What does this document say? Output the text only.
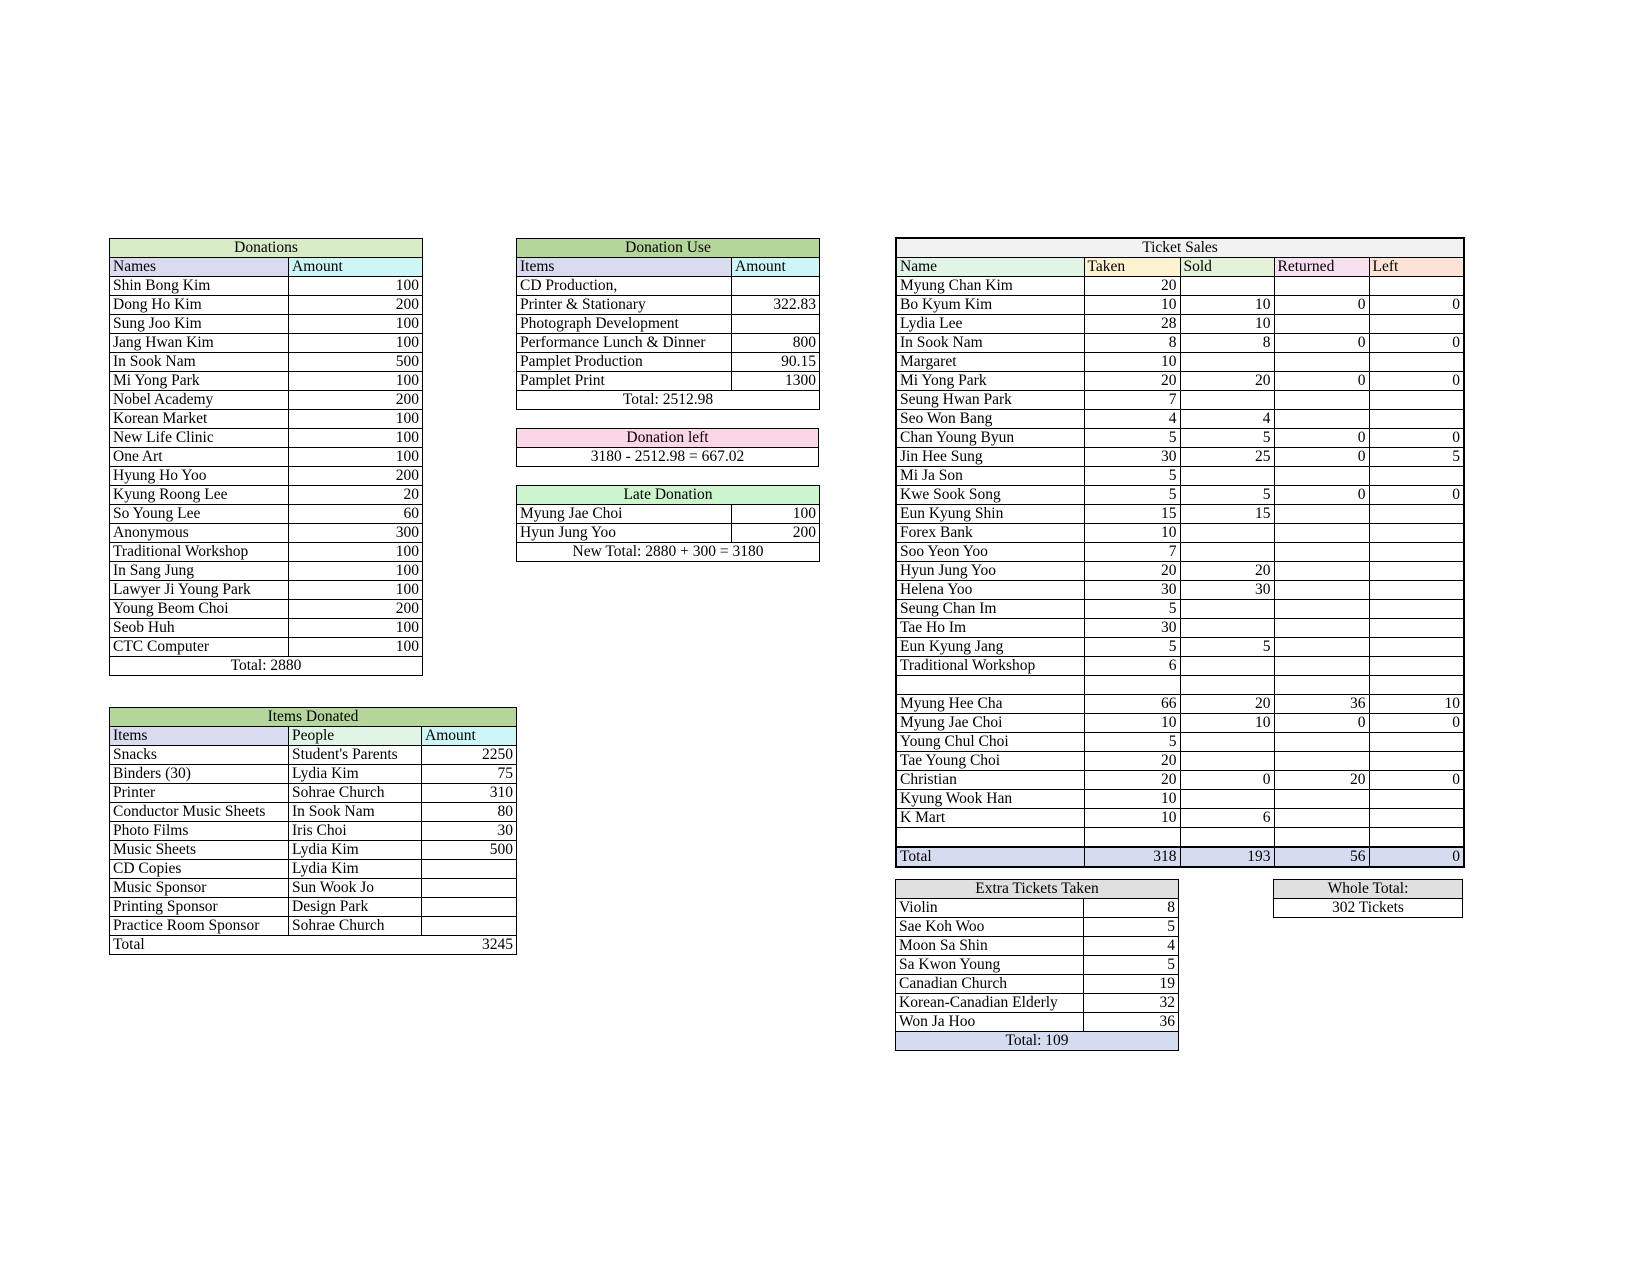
Donations	
Names	Amount
Shin Bong Kim	100
Dong Ho Kim	200
Sung Joo Kim	100
Jang Hwan Kim	100
In Sook Nam	500
Mi Yong Park	100
Nobel Academy	200
Korean Market	100
New Life Clinic	100
One Art	100
Hyung Ho Yoo	200
Kyung Roong Lee	20
So Young Lee	60
Anonymous	300
Traditional Workshop	100
In Sang Jung	100
Lawyer Ji Young Park	100
Young Beom Choi	200
Seob Huh	100
CTC Computer	100
Total: 2880	
Donation Use	
Items	Amount
CD Production,	
Printer & Stationary	322.83
Photograph Development	
Performance Lunch & Dinner	800
Pamplet Production	90.15
Pamplet Print	1300
Total: 2512.98	
Donation left
3180 - 2512.98 = 667.02
Late Donation	
Myung Jae Choi	100
Hyun Jung Yoo	200
New Total: 2880 + 300 = 3180	
Items Donated		
Items	People	Amount
Snacks	Student's Parents	2250
Binders (30)	Lydia Kim	75
Printer	Sohrae Church	310
Conductor Music Sheets	In Sook Nam	80
Photo Films	Iris Choi	30
Music Sheets	Lydia Kim	500
CD Copies	Lydia Kim	
Music Sponsor	Sun Wook Jo	
Printing Sponsor	Design Park	
Practice Room Sponsor	Sohrae Church	
Total		3245
Ticket Sales				
Name	Taken	Sold	Returned	Left
Myung Chan Kim	20			
Bo Kyum Kim	10	10	0	0
Lydia Lee	28	10		
In Sook Nam	8	8	0	0
Margaret	10			
Mi Yong Park	20	20	0	0
Seung Hwan Park	7			
Seo Won Bang	4	4		
Chan Young Byun	5	5	0	0
Jin Hee Sung	30	25	0	5
Mi Ja Son	5			
Kwe Sook Song	5	5	0	0
Eun Kyung Shin	15	15		
Forex Bank	10			
Soo Yeon Yoo	7			
Hyun Jung Yoo	20	20		
Helena Yoo	30	30		
Seung Chan Im	5			
Tae Ho Im	30			
Eun Kyung Jang	5	5		
Traditional Workshop	6			

Myung Hee Cha	66	20	36	10
Myung Jae Choi	10	10	0	0
Young Chul Choi	5			
Tae Young Choi	20			
Christian	20	0	20	0
Kyung Wook Han	10			
K Mart	10	6		

Total	318	193	56	0
Extra Tickets Taken	
Violin	8
Sae Koh Woo	5
Moon Sa Shin	4
Sa Kwon Young	5
Canadian Church	19
Korean-Canadian Elderly	32
Won Ja Hoo	36
Total: 109	
Whole Total:
302 Tickets
